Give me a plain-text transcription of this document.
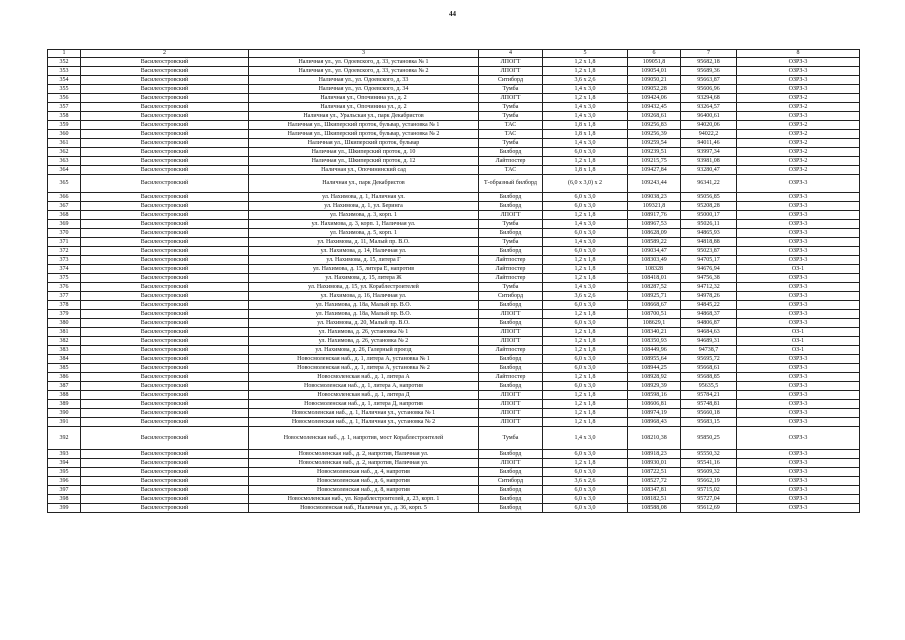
44
1	2	3	4	5	6	7	8
352	Василеостровский	Наличная ул., ул. Одоевского, д. 33, установка № 1	ЛПОГТ	1,2 x 1,8	109051,8	95682,18	ОЗРЗ-3
353	Василеостровский	Наличная ул., ул. Одоевского, д. 33, установка № 2	ЛПОГТ	1,2 x 1,8	109054,01	95689,36	ОЗРЗ-3
354	Василеостровский	Наличная ул., ул. Одоевского, д. 33	Ситиборд	3,6 x 2,6	109050,21	95663,87	ОЗРЗ-3
355	Василеостровский	Наличная ул., ул. Одоевского, д. 34	Тумба	1,4 x 3,0	109052,28	95606,96	ОЗРЗ-3
356	Василеостровский	Наличная ул., Опочинина ул., д. 2	ЛПОГТ	1,2 x 1,8	109424,06	93294,68	ОЗРЗ-2
357	Василеостровский	Наличная ул., Опочинина ул., д. 2	Тумба	1,4 x 3,0	109432,45	93264,57	ОЗРЗ-2
358	Василеостровский	Наличная ул., Уральская ул., парк Декабристов	Тумба	1,4 x 3,0	109268,61	96400,61	ОЗРЗ-3
359	Василеостровский	Наличная ул., Шкиперский проток, бульвар, установка № 1	ТАС	1,8 x 1,8	109256,83	94020,06	ОЗРЗ-2
360	Василеостровский	Наличная ул., Шкиперский проток, бульвар, установка № 2	ТАС	1,8 x 1,8	109256,39	94022,2	ОЗРЗ-2
361	Василеостровский	Наличная ул., Шкиперский проток, бульвар	Тумба	1,4 x 3,0	109259,54	94011,46	ОЗРЗ-2
362	Василеостровский	Наличная ул., Шкиперский проток, д. 10	Билборд	6,0 x 3,0	109239,51	93997,34	ОЗРЗ-2
363	Василеостровский	Наличная ул., Шкиперский проток, д. 12	Лайтпостер	1,2 x 1,8	109215,75	93981,08	ОЗРЗ-2
364	Василеостровский	Наличная ул., Опочининский сад	ТАС	1,8 x 1,8	109427,84	93280,47	ОЗРЗ-2
365	Василеостровский	Наличная ул., парк Декабристов	Т-образный билборд	(6,0 x 3,0) x 2	109243,44	96341,22	ОЗРЗ-3
366	Василеостровский	ул. Нахимова, д. 1, Наличная ул.	Билборд	6,0 x 3,0	109038,23	95056,85	ОЗРЗ-3
367	Василеостровский	ул. Нахимова, д. 1, ул. Беринга	Билборд	6,0 x 3,0	109321,8	95208,28	ОЗРЗ-3
368	Василеостровский	ул. Нахимова, д. 3, корп. 1	ЛПОГТ	1,2 x 1,8	108917,76	95000,17	ОЗРЗ-3
369	Василеостровский	ул. Нахимова, д. 3, корп. 1, Наличная ул.	Тумба	1,4 x 3,0	108967,53	95026,11	ОЗРЗ-3
370	Василеостровский	ул. Нахимова, д. 5, корп. 1	Билборд	6,0 x 3,0	108628,09	94865,93	ОЗРЗ-3
371	Василеостровский	ул. Нахимова, д. 11, Малый пр. В.О.	Тумба	1,4 x 3,0	108589,22	94818,88	ОЗРЗ-3
372	Василеостровский	ул. Нахимова, д. 14, Наличная ул.	Билборд	6,0 x 3,0	109034,47	95023,87	ОЗРЗ-3
373	Василеостровский	ул. Нахимова, д. 15, литера Г	Лайтпостер	1,2 x 1,8	108303,49	94705,17	ОЗРЗ-3
374	Василеостровский	ул. Нахимова, д. 15, литера Е, напротив	Лайтпостер	1,2 x 1,8	108328	94676,94	ОЗ-1
375	Василеостровский	ул. Нахимова, д. 15, литера Ж	Лайтпостер	1,2 x 1,8	108418,01	94756,38	ОЗРЗ-3
376	Василеостровский	ул. Нахимова, д. 15, ул. Кораблестроителей	Тумба	1,4 x 3,0	108287,52	94712,32	ОЗРЗ-3
377	Василеостровский	ул. Нахимова, д. 16, Наличная ул.	Ситиборд	3,6 x 2,6	108925,71	94978,26	ОЗРЗ-3
378	Василеостровский	ул. Нахимова, д. 18а, Малый пр. В.О.	Билборд	6,0 x 3,0	108668,67	94845,22	ОЗРЗ-3
379	Василеостровский	ул. Нахимова, д. 18а, Малый пр. В.О.	ЛПОГТ	1,2 x 1,8	108700,51	94868,37	ОЗРЗ-3
380	Василеостровский	ул. Нахимова, д. 20, Малый пр. В.О.	Билборд	6,0 x 3,0	108629,1	94806,87	ОЗРЗ-3
381	Василеостровский	ул. Нахимова, д. 26, установка № 1	ЛПОГТ	1,2 x 1,8	108340,21	94684,63	ОЗ-1
382	Василеостровский	ул. Нахимова, д. 26, установка № 2	ЛПОГТ	1,2 x 1,8	108350,93	94689,31	ОЗ-1
383	Василеостровский	ул. Нахимова, д. 26, Галерный проезд	Лайтпостер	1,2 x 1,8	108449,96	94738,7	ОЗ-1
384	Василеостровский	Новосмоленская наб., д. 1, литера А, установка № 1	Билборд	6,0 x 3,0	108955,64	95695,72	ОЗРЗ-3
385	Василеостровский	Новосмоленская наб., д. 1, литера А, установка № 2	Билборд	6,0 x 3,0	108944,25	95668,61	ОЗРЗ-3
386	Василеостровский	Новосмоленская наб., д. 1, литера А	Лайтпостер	1,2 x 1,8	108928,92	95688,85	ОЗРЗ-3
387	Василеостровский	Новосмоленская наб., д. 1, литера А, напротив	Билборд	6,0 x 3,0	108929,39	95635,5	ОЗРЗ-3
388	Василеостровский	Новосмоленская наб., д. 1, литера Д	ЛПОГТ	1,2 x 1,8	108598,16	95784,21	ОЗРЗ-3
389	Василеостровский	Новосмоленская наб., д. 1, литера Д, напротив	ЛПОГТ	1,2 x 1,8	108606,81	95748,81	ОЗРЗ-3
390	Василеостровский	Новосмоленская наб., д. 1, Наличная ул., установка № 1	ЛПОГТ	1,2 x 1,8	108974,19	95660,18	ОЗРЗ-3
391	Василеостровский	Новосмоленская наб., д. 1, Наличная ул., установка № 2	ЛПОГТ	1,2 x 1,8	108968,43	95683,15	ОЗРЗ-3
392	Василеостровский	Новосмоленская наб., д. 1, напротив, мост Кораблестроителей	Тумба	1,4 x 3,0	108210,38	95850,25	ОЗРЗ-3
393	Василеостровский	Новосмоленская наб., д. 2, напротив, Наличная ул.	Билборд	6,0 x 3,0	108918,23	95550,32	ОЗРЗ-3
394	Василеостровский	Новосмоленская наб., д. 2, напротив, Наличная ул.	ЛПОГТ	1,2 x 1,8	108930,01	95541,16	ОЗРЗ-3
395	Василеостровский	Новосмоленская наб., д. 4, напротив	Билборд	6,0 x 3,0	108722,51	95609,32	ОЗРЗ-3
396	Василеостровский	Новосмоленская наб., д. 6, напротив	Ситиборд	3,6 x 2,6	108527,72	95662,19	ОЗРЗ-3
397	Василеостровский	Новосмоленская наб., д. 8, напротив	Билборд	6,0 x 3,0	108347,81	95715,02	ОЗРЗ-3
398	Василеостровский	Новосмоленская наб., ул. Кораблестроителей, д. 23, корп. 1	Билборд	6,0 x 3,0	108182,51	95727,04	ОЗРЗ-3
399	Василеостровский	Новосмоленская наб., Наличная ул., д. 36, корп. 5	Билборд	6,0 x 3,0	108588,08	95612,69	ОЗРЗ-3
